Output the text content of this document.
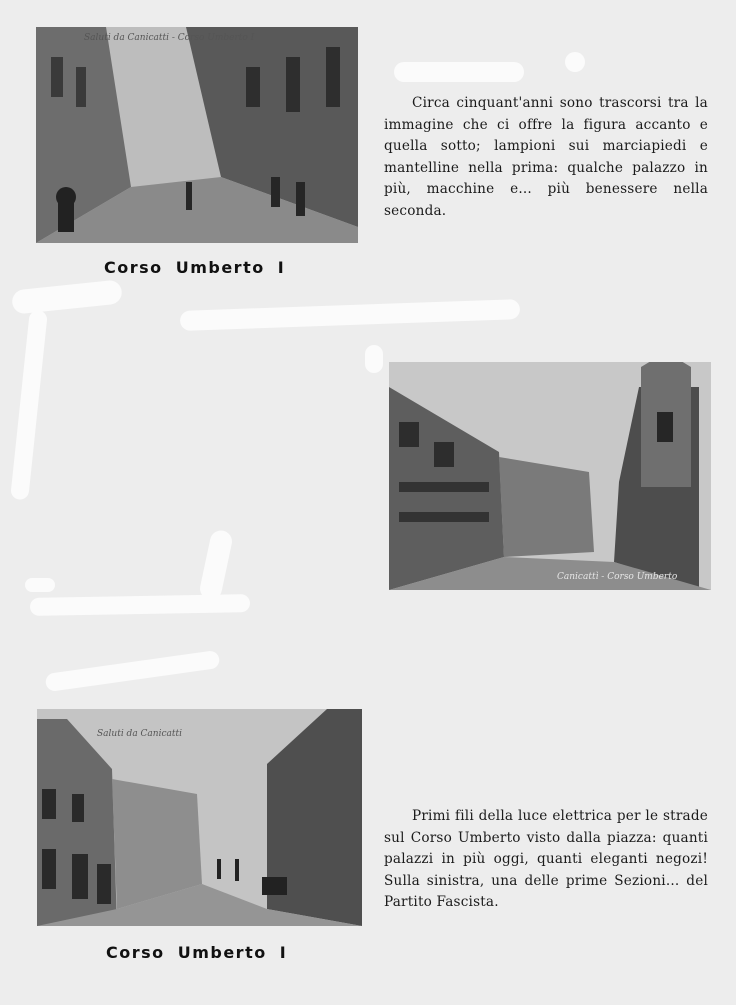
Saluti da Canicatti - Corso Umberto I
Corso Umberto I

Circa cinquant'anni sono trascorsi tra la immagine che ci offre la figura accanto e quella sotto; lampioni sui marciapiedi e mantelline nella prima: qualche palazzo in più, macchine e... più benessere nella seconda.

Canicattì - Corso Umberto
Saluti da Canicatti
Corso Umberto I

Primi fili della luce elettrica per le strade sul Corso Umberto visto dalla piazza: quanti palazzi in più oggi, quanti eleganti negozi! Sulla sinistra, una delle prime Sezioni... del Partito Fascista.
